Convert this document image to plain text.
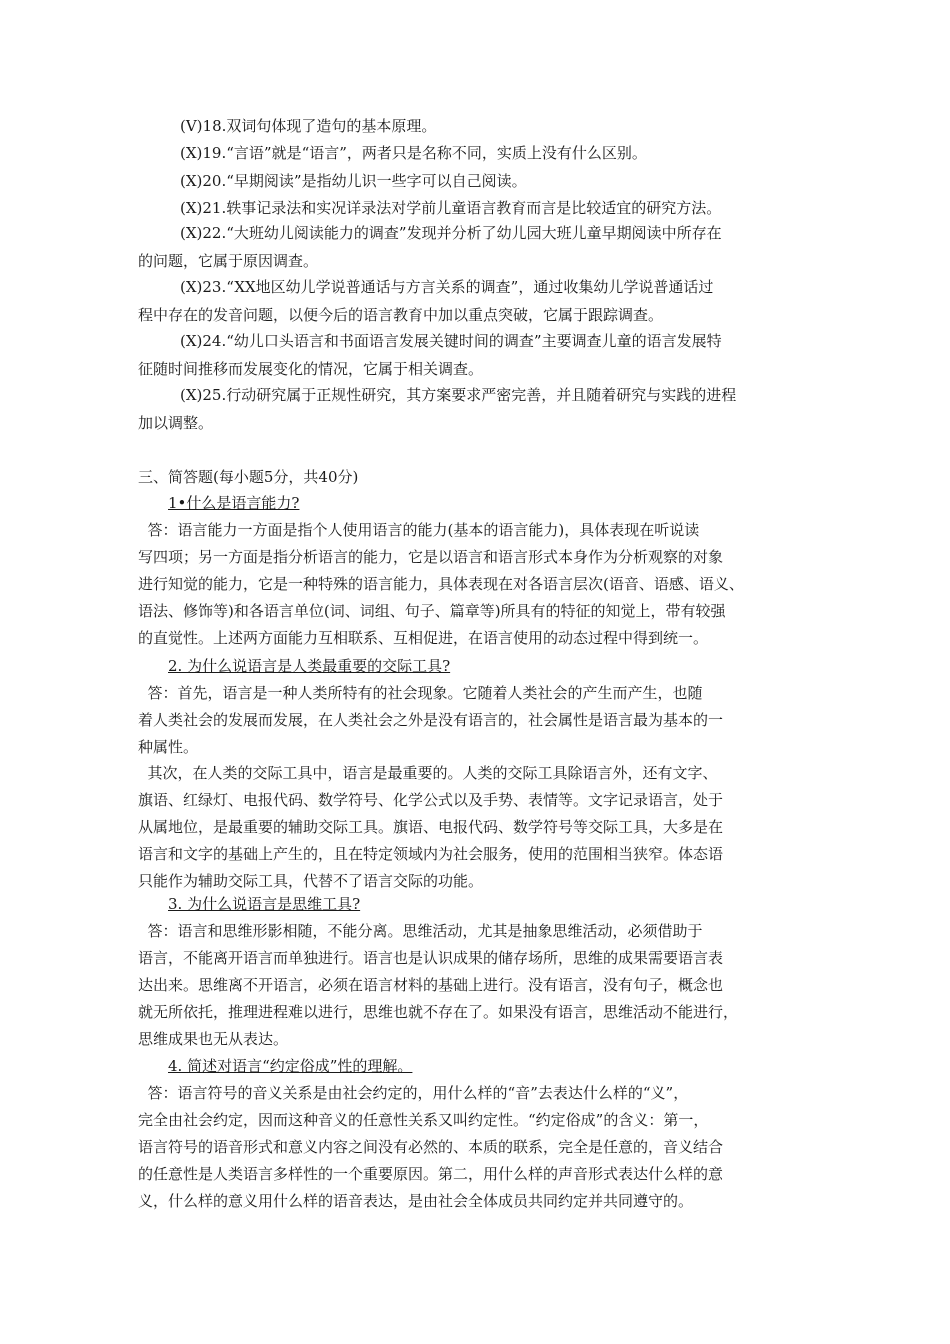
(V)18.双词句体现了造句的基本原理。
(X)19.“言语”就是“语言”，两者只是名称不同，实质上没有什么区别。
(X)20.“早期阅读”是指幼儿识一些字可以自己阅读。
(X)21.轶事记录法和实况详录法对学前儿童语言教育而言是比较适宜的研究方法。
(X)22.“大班幼儿阅读能力的调查”发现并分析了幼儿园大班儿童早期阅读中所存在
的问题，它属于原因调查。
(X)23.“XX地区幼儿学说普通话与方言关系的调查”，通过收集幼儿学说普通话过
程中存在的发音问题，以便今后的语言教育中加以重点突破，它属于跟踪调查。
(X)24.“幼儿口头语言和书面语言发展关键时间的调查”主要调查儿童的语言发展特
征随时间推移而发展变化的情况，它属于相关调查。
(X)25.行动研究属于正规性研究，其方案要求严密完善，并且随着研究与实践的进程
加以调整。
三、简答题(每小题5分，共40分)
1•什么是语言能力?
答：语言能力一方面是指个人使用语言的能力(基本的语言能力)，具体表现在听说读
写四项；另一方面是指分析语言的能力，它是以语言和语言形式本身作为分析观察的对象
进行知觉的能力，它是一种特殊的语言能力，具体表现在对各语言层次(语音、语感、语义、
语法、修饰等)和各语言单位(词、词组、句子、篇章等)所具有的特征的知觉上，带有较强
的直觉性。上述两方面能力互相联系、互相促进，在语言使用的动态过程中得到统一。
2. 为什么说语言是人类最重要的交际工具?
答：首先，语言是一种人类所特有的社会现象。它随着人类社会的产生而产生，也随
着人类社会的发展而发展，在人类社会之外是没有语言的，社会属性是语言最为基本的一
种属性。
其次，在人类的交际工具中，语言是最重要的。人类的交际工具除语言外，还有文字、
旗语、红绿灯、电报代码、数学符号、化学公式以及手势、表情等。文字记录语言，处于
从属地位，是最重要的辅助交际工具。旗语、电报代码、数学符号等交际工具，大多是在
语言和文字的基础上产生的，且在特定领域内为社会服务，使用的范围相当狭窄。体态语
只能作为辅助交际工具，代替不了语言交际的功能。
3. 为什么说语言是思维工具?
答：语言和思维形影相随，不能分离。思维活动，尤其是抽象思维活动，必须借助于
语言，不能离开语言而单独进行。语言也是认识成果的储存场所，思维的成果需要语言表
达出来。思维离不开语言，必须在语言材料的基础上进行。没有语言，没有句子，概念也
就无所依托，推理进程难以进行，思维也就不存在了。如果没有语言，思维活动不能进行，
思维成果也无从表达。
4. 简述对语言“约定俗成”性的理解。
答：语言符号的音义关系是由社会约定的，用什么样的“音”去表达什么样的“义”，
完全由社会约定，因而这种音义的任意性关系又叫约定性。“约定俗成”的含义：第一，
语言符号的语音形式和意义内容之间没有必然的、本质的联系，完全是任意的，音义结合
的任意性是人类语言多样性的一个重要原因。第二，用什么样的声音形式表达什么样的意
义，什么样的意义用什么样的语音表达，是由社会全体成员共同约定并共同遵守的。
